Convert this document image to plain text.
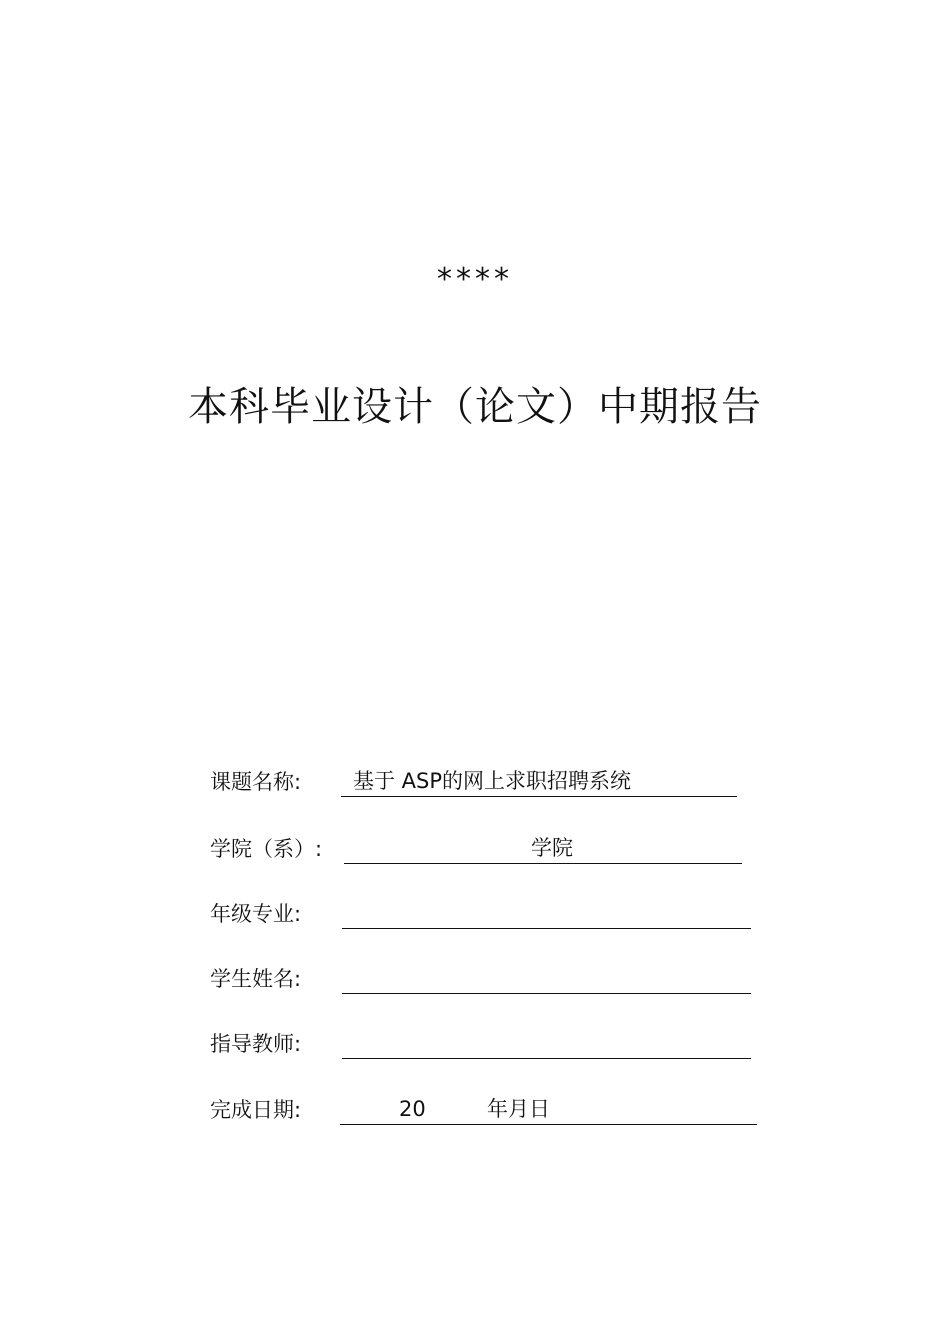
****
本科毕业设计（论文）中期报告
课题名称: 基于 ASP的网上求职招聘系统
学院（系）:	学院
年级专业:
学生姓名:
指导教师:
完成日期:	20	年月日
